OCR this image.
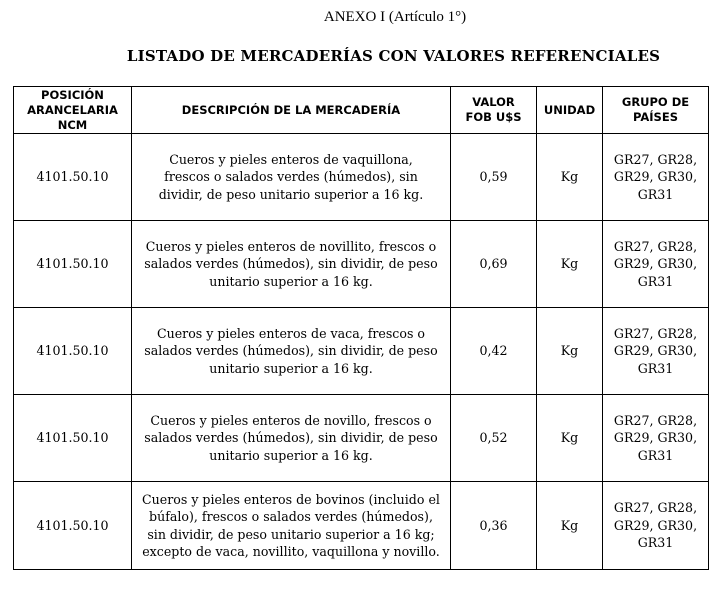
ANEXO I (Artículo 1°)
LISTADO DE MERCADERÍAS CON VALORES REFERENCIALES
POSICIÓN ARANCELARIA NCM	DESCRIPCIÓN DE LA MERCADERÍA	VALOR FOB U$S	UNIDAD	GRUPO DE PAÍSES

4101.50.10	Cueros y pieles enteros de vaquillona, frescos o salados verdes (húmedos), sin dividir, de peso unitario superior a 16 kg.	0,59	Kg	GR27, GR28, GR29, GR30, GR31

4101.50.10	Cueros y pieles enteros de novillito, frescos o salados verdes (húmedos), sin dividir, de peso unitario superior a 16 kg.	0,69	Kg	GR27, GR28, GR29, GR30, GR31

4101.50.10	Cueros y pieles enteros de vaca, frescos o salados verdes (húmedos), sin dividir, de peso unitario superior a 16 kg.	0,42	Kg	GR27, GR28, GR29, GR30, GR31

4101.50.10	Cueros y pieles enteros de novillo, frescos o salados verdes (húmedos), sin dividir, de peso unitario superior a 16 kg.	0,52	Kg	GR27, GR28, GR29, GR30, GR31

4101.50.10	Cueros y pieles enteros de bovinos (incluido el búfalo), frescos o salados verdes (húmedos), sin dividir, de peso unitario superior a 16 kg; excepto de vaca, novillito, vaquillona y novillo.	0,36	Kg	GR27, GR28, GR29, GR30, GR31
